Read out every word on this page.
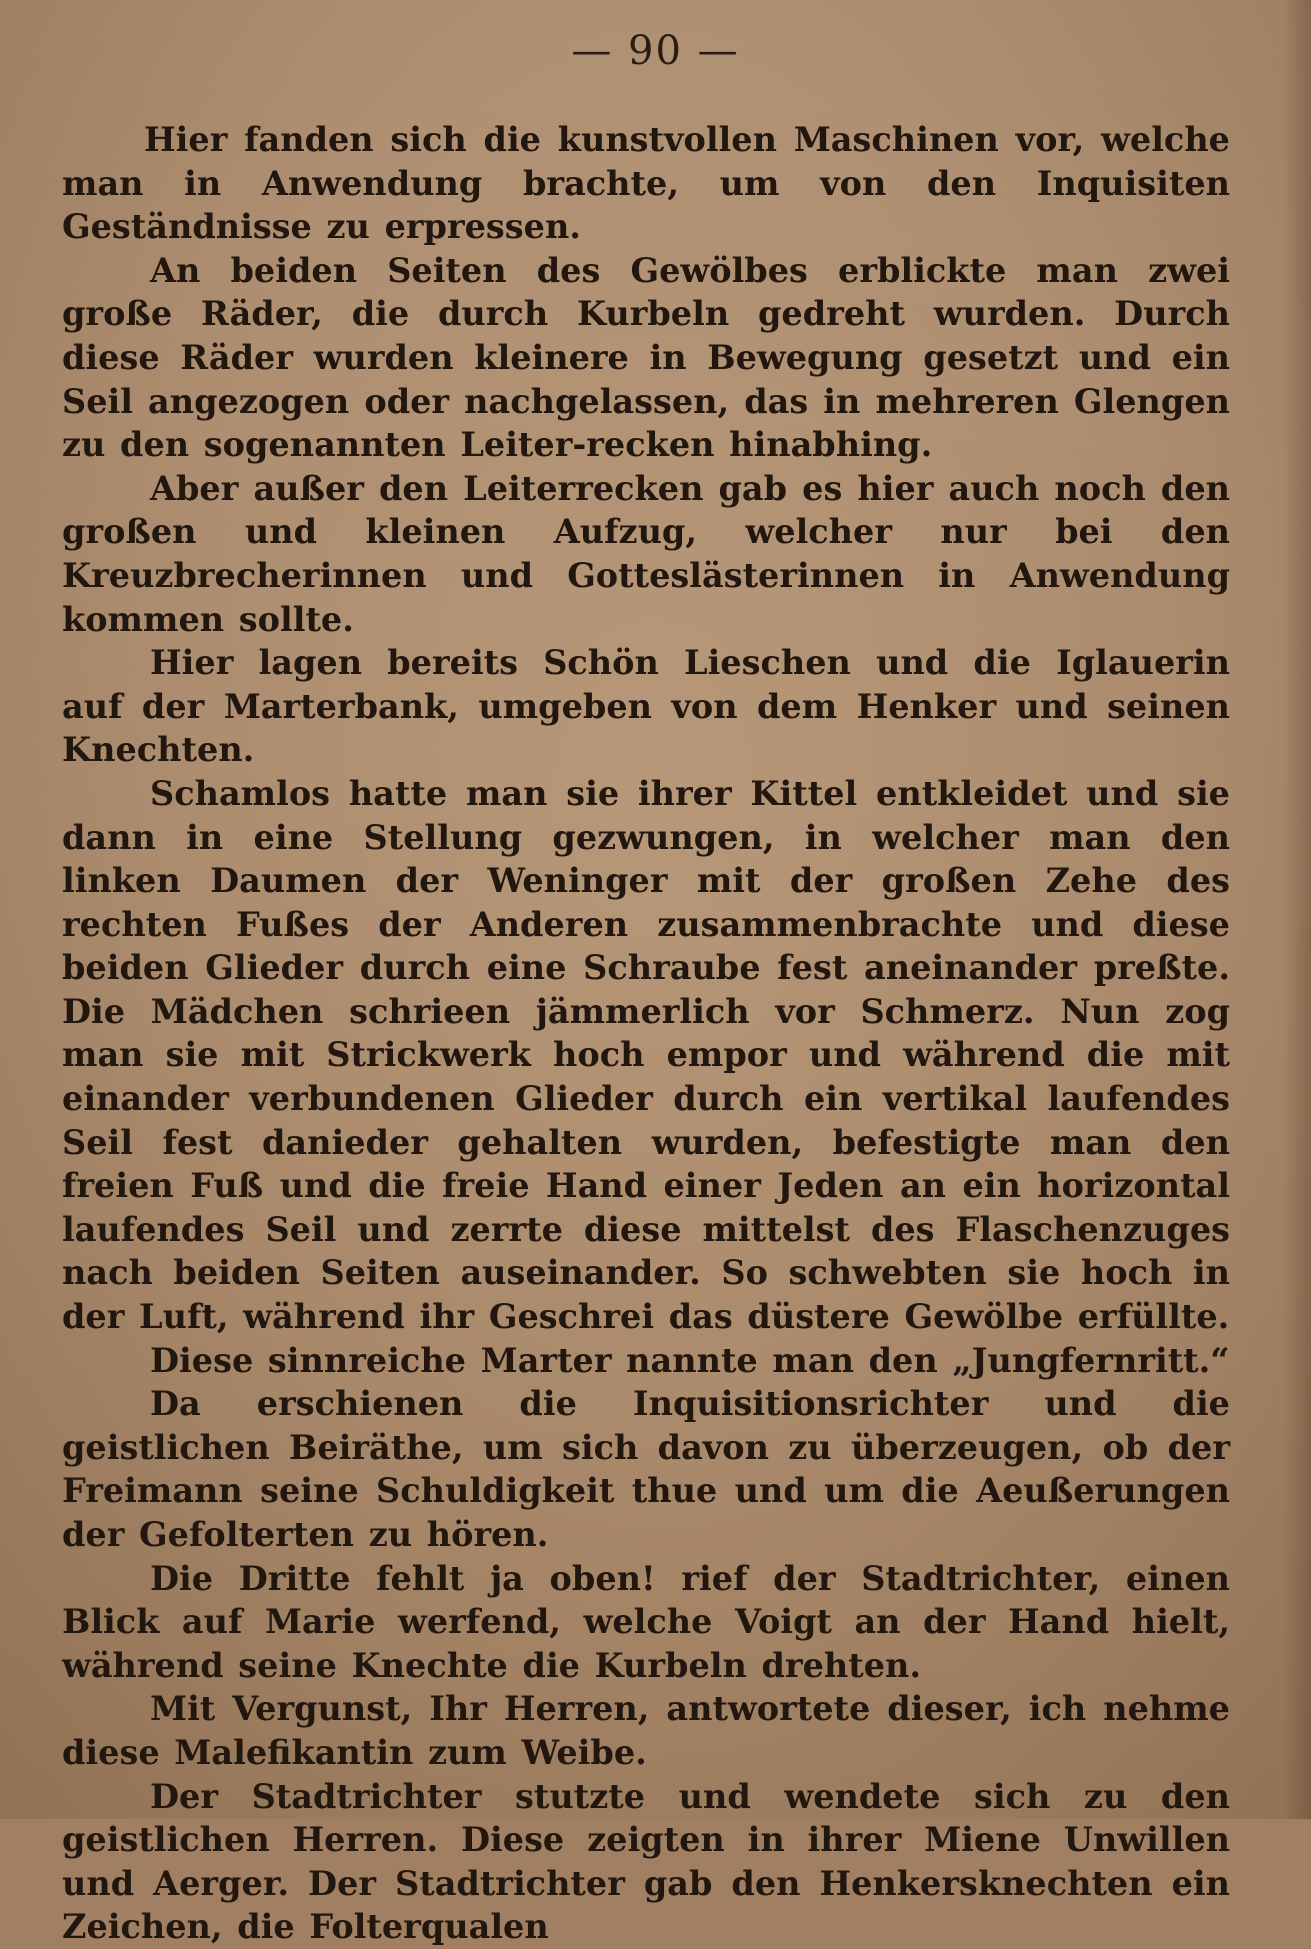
— 90 —

Hier fanden sich die kunstvollen Maschinen vor, welche man in Anwendung brachte, um von den Inquisiten Geständnisse zu erpressen.

An beiden Seiten des Gewölbes erblickte man zwei große Räder, die durch Kurbeln gedreht wurden. Durch diese Räder wurden kleinere in Bewegung gesetzt und ein Seil angezogen oder nachgelassen, das in mehreren Glengen zu den sogenannten Leiter-recken hinabhing.

Aber außer den Leiterrecken gab es hier auch noch den großen und kleinen Aufzug, welcher nur bei den Kreuzbrecherinnen und Gotteslästerinnen in Anwendung kommen sollte.

Hier lagen bereits Schön Lieschen und die Iglauerin auf der Marterbank, umgeben von dem Henker und seinen Knechten.

Schamlos hatte man sie ihrer Kittel entkleidet und sie dann in eine Stellung gezwungen, in welcher man den linken Daumen der Weninger mit der großen Zehe des rechten Fußes der Anderen zusammenbrachte und diese beiden Glieder durch eine Schraube fest aneinander preßte. Die Mädchen schrieen jämmerlich vor Schmerz. Nun zog man sie mit Strickwerk hoch empor und während die mit einander verbundenen Glieder durch ein vertikal laufendes Seil fest danieder gehalten wurden, befestigte man den freien Fuß und die freie Hand einer Jeden an ein horizontal laufendes Seil und zerrte diese mittelst des Flaschenzuges nach beiden Seiten auseinander. So schwebten sie hoch in der Luft, während ihr Geschrei das düstere Gewölbe erfüllte.

Diese sinnreiche Marter nannte man den „Jungfernritt.“

Da erschienen die Inquisitionsrichter und die geistlichen Beiräthe, um sich davon zu überzeugen, ob der Freimann seine Schuldigkeit thue und um die Aeußerungen der Gefolterten zu hören.

Die Dritte fehlt ja oben! rief der Stadtrichter, einen Blick auf Marie werfend, welche Voigt an der Hand hielt, während seine Knechte die Kurbeln drehten.

Mit Vergunst, Ihr Herren, antwortete dieser, ich nehme diese Malefikantin zum Weibe.

Der Stadtrichter stutzte und wendete sich zu den geistlichen Herren. Diese zeigten in ihrer Miene Unwillen und Aerger. Der Stadtrichter gab den Henkersknechten ein Zeichen, die Folterqualen
